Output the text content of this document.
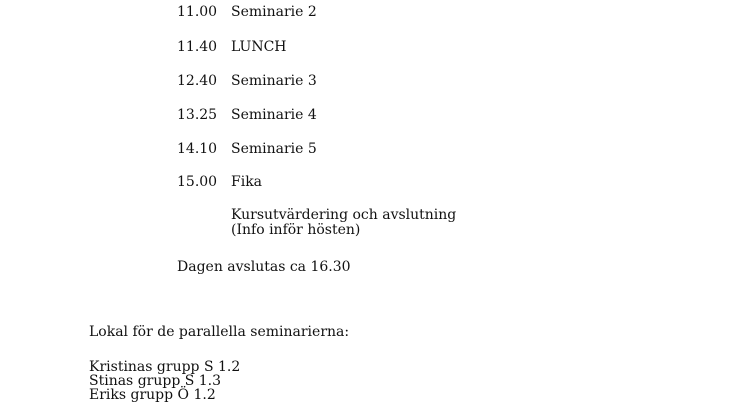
11.00 Seminarie 2
11.40 LUNCH
12.40 Seminarie 3
13.25 Seminarie 4
14.10 Seminarie 5
15.00 Fika
Kursutvärdering och avslutning
(Info inför hösten)
Dagen avslutas ca 16.30
Lokal för de parallella seminarierna:
Kristinas grupp S 1.2
Stinas grupp S 1.3
Eriks grupp Ö 1.2
